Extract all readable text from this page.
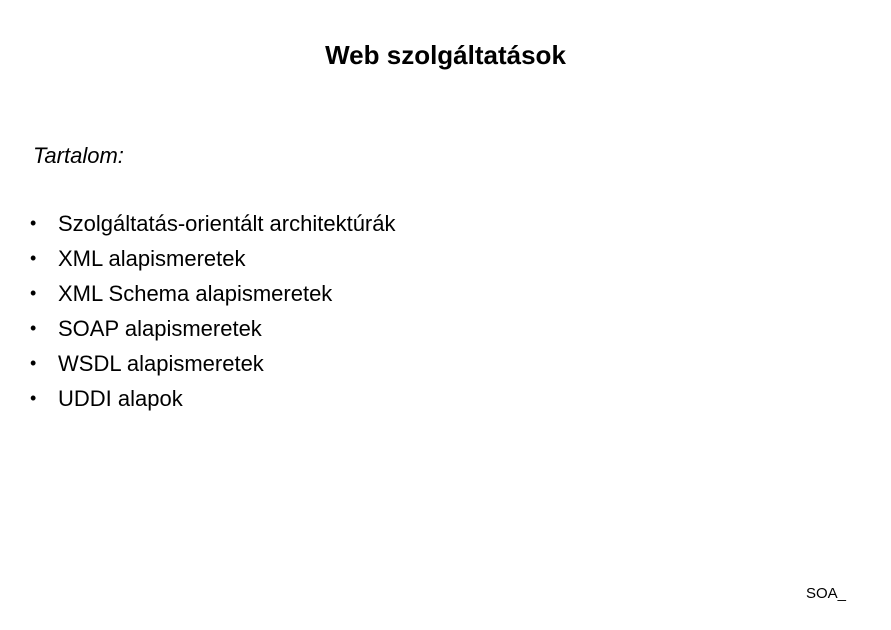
Web szolgáltatások

Tartalom:

• Szolgáltatás-orientált architektúrák
• XML alapismeretek
• XML Schema alapismeretek
• SOAP alapismeretek
• WSDL alapismeretek
• UDDI alapok
SOA_
